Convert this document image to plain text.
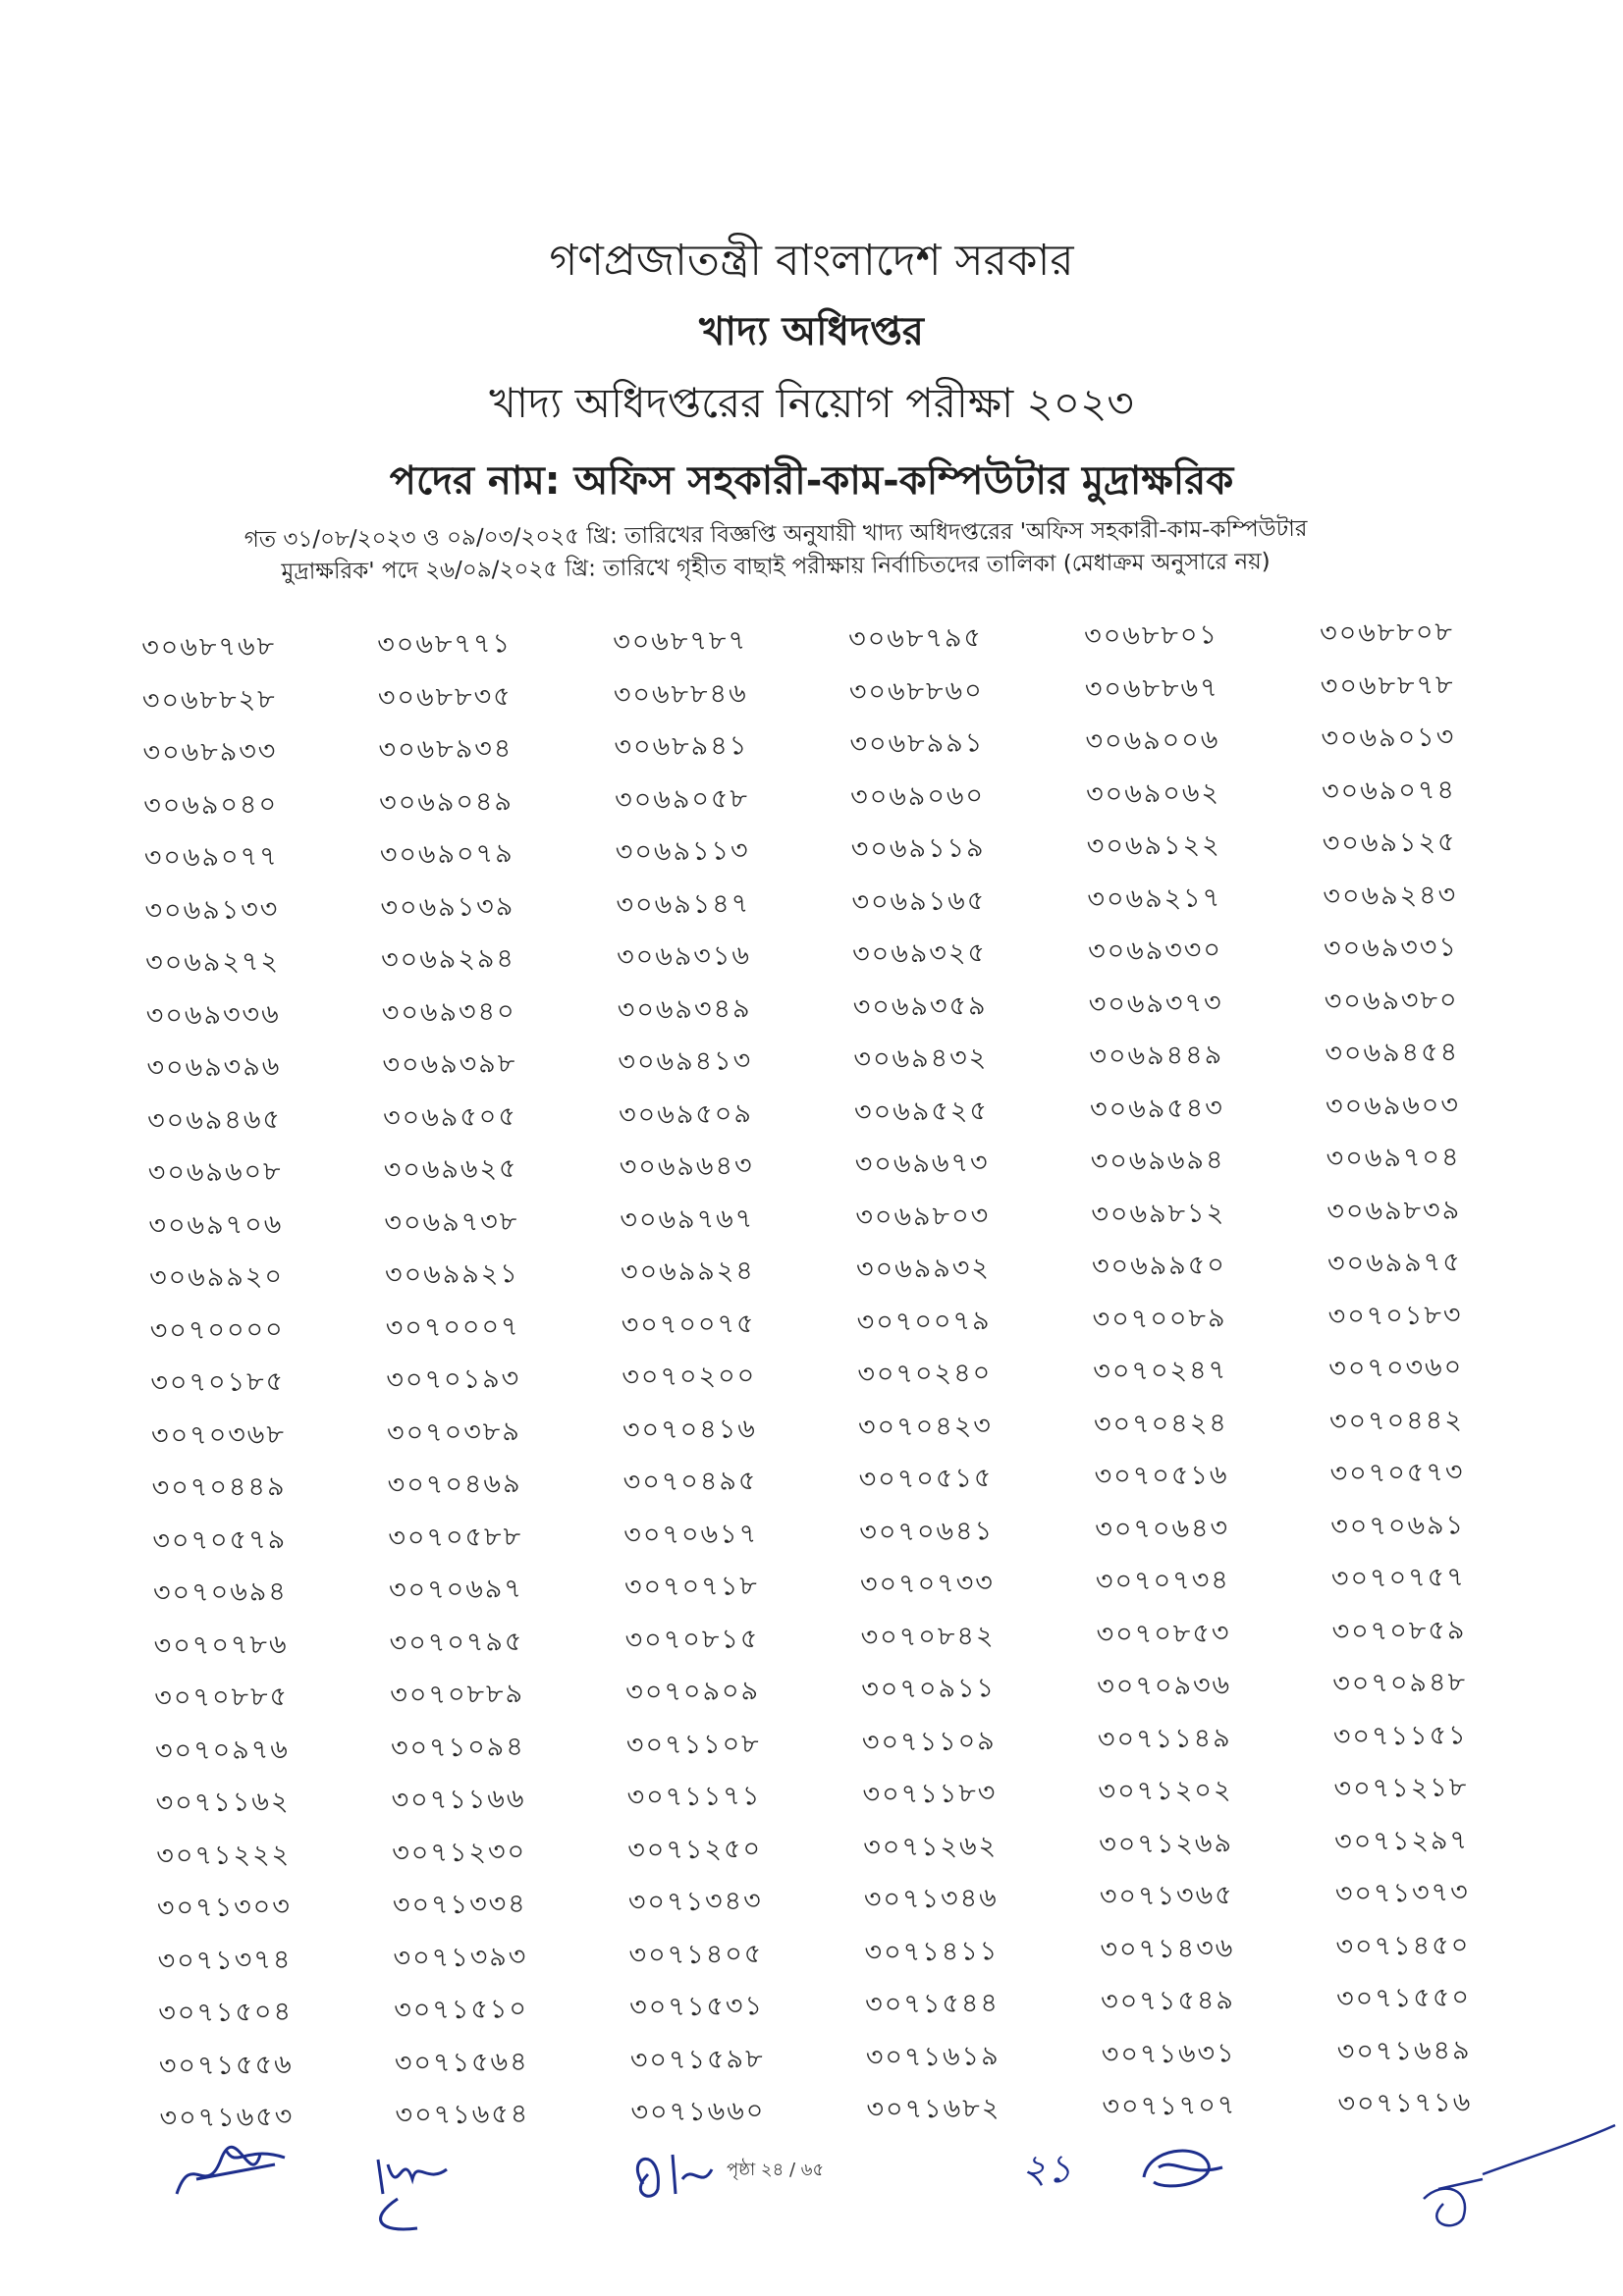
গণপ্রজাতন্ত্রী বাংলাদেশ সরকার
খাদ্য অধিদপ্তর
খাদ্য অধিদপ্তরের নিয়োগ পরীক্ষা ২০২৩
পদের নাম: অফিস সহকারী-কাম-কম্পিউটার মুদ্রাক্ষরিক
গত ৩১/০৮/২০২৩ ও ০৯/০৩/২০২৫ খ্রি: তারিখের বিজ্ঞপ্তি অনুযায়ী খাদ্য অধিদপ্তরের 'অফিস সহকারী-কাম-কম্পিউটার
মুদ্রাক্ষরিক' পদে ২৬/০৯/২০২৫ খ্রি: তারিখে গৃহীত বাছাই পরীক্ষায় নির্বাচিতদের তালিকা (মেধাক্রম অনুসারে নয়)
৩০৬৮৭৬৮	৩০৬৮৭৭১	৩০৬৮৭৮৭	৩০৬৮৭৯৫	৩০৬৮৮০১	৩০৬৮৮০৮
৩০৬৮৮২৮	৩০৬৮৮৩৫	৩০৬৮৮৪৬	৩০৬৮৮৬০	৩০৬৮৮৬৭	৩০৬৮৮৭৮
৩০৬৮৯৩৩	৩০৬৮৯৩৪	৩০৬৮৯৪১	৩০৬৮৯৯১	৩০৬৯০০৬	৩০৬৯০১৩
৩০৬৯০৪০	৩০৬৯০৪৯	৩০৬৯০৫৮	৩০৬৯০৬০	৩০৬৯০৬২	৩০৬৯০৭৪
৩০৬৯০৭৭	৩০৬৯০৭৯	৩০৬৯১১৩	৩০৬৯১১৯	৩০৬৯১২২	৩০৬৯১২৫
৩০৬৯১৩৩	৩০৬৯১৩৯	৩০৬৯১৪৭	৩০৬৯১৬৫	৩০৬৯২১৭	৩০৬৯২৪৩
৩০৬৯২৭২	৩০৬৯২৯৪	৩০৬৯৩১৬	৩০৬৯৩২৫	৩০৬৯৩৩০	৩০৬৯৩৩১
৩০৬৯৩৩৬	৩০৬৯৩৪০	৩০৬৯৩৪৯	৩০৬৯৩৫৯	৩০৬৯৩৭৩	৩০৬৯৩৮০
৩০৬৯৩৯৬	৩০৬৯৩৯৮	৩০৬৯৪১৩	৩০৬৯৪৩২	৩০৬৯৪৪৯	৩০৬৯৪৫৪
৩০৬৯৪৬৫	৩০৬৯৫০৫	৩০৬৯৫০৯	৩০৬৯৫২৫	৩০৬৯৫৪৩	৩০৬৯৬০৩
৩০৬৯৬০৮	৩০৬৯৬২৫	৩০৬৯৬৪৩	৩০৬৯৬৭৩	৩০৬৯৬৯৪	৩০৬৯৭০৪
৩০৬৯৭০৬	৩০৬৯৭৩৮	৩০৬৯৭৬৭	৩০৬৯৮০৩	৩০৬৯৮১২	৩০৬৯৮৩৯
৩০৬৯৯২০	৩০৬৯৯২১	৩০৬৯৯২৪	৩০৬৯৯৩২	৩০৬৯৯৫০	৩০৬৯৯৭৫
৩০৭০০০০	৩০৭০০০৭	৩০৭০০৭৫	৩০৭০০৭৯	৩০৭০০৮৯	৩০৭০১৮৩
৩০৭০১৮৫	৩০৭০১৯৩	৩০৭০২০০	৩০৭০২৪০	৩০৭০২৪৭	৩০৭০৩৬০
৩০৭০৩৬৮	৩০৭০৩৮৯	৩০৭০৪১৬	৩০৭০৪২৩	৩০৭০৪২৪	৩০৭০৪৪২
৩০৭০৪৪৯	৩০৭০৪৬৯	৩০৭০৪৯৫	৩০৭০৫১৫	৩০৭০৫১৬	৩০৭০৫৭৩
৩০৭০৫৭৯	৩০৭০৫৮৮	৩০৭০৬১৭	৩০৭০৬৪১	৩০৭০৬৪৩	৩০৭০৬৯১
৩০৭০৬৯৪	৩০৭০৬৯৭	৩০৭০৭১৮	৩০৭০৭৩৩	৩০৭০৭৩৪	৩০৭০৭৫৭
৩০৭০৭৮৬	৩০৭০৭৯৫	৩০৭০৮১৫	৩০৭০৮৪২	৩০৭০৮৫৩	৩০৭০৮৫৯
৩০৭০৮৮৫	৩০৭০৮৮৯	৩০৭০৯০৯	৩০৭০৯১১	৩০৭০৯৩৬	৩০৭০৯৪৮
৩০৭০৯৭৬	৩০৭১০৯৪	৩০৭১১০৮	৩০৭১১০৯	৩০৭১১৪৯	৩০৭১১৫১
৩০৭১১৬২	৩০৭১১৬৬	৩০৭১১৭১	৩০৭১১৮৩	৩০৭১২০২	৩০৭১২১৮
৩০৭১২২২	৩০৭১২৩০	৩০৭১২৫০	৩০৭১২৬২	৩০৭১২৬৯	৩০৭১২৯৭
৩০৭১৩০৩	৩০৭১৩৩৪	৩০৭১৩৪৩	৩০৭১৩৪৬	৩০৭১৩৬৫	৩০৭১৩৭৩
৩০৭১৩৭৪	৩০৭১৩৯৩	৩০৭১৪০৫	৩০৭১৪১১	৩০৭১৪৩৬	৩০৭১৪৫০
৩০৭১৫০৪	৩০৭১৫১০	৩০৭১৫৩১	৩০৭১৫৪৪	৩০৭১৫৪৯	৩০৭১৫৫০
৩০৭১৫৫৬	৩০৭১৫৬৪	৩০৭১৫৯৮	৩০৭১৬১৯	৩০৭১৬৩১	৩০৭১৬৪৯
৩০৭১৬৫৩	৩০৭১৬৫৪	৩০৭১৬৬০	৩০৭১৬৮২	৩০৭১৭০৭	৩০৭১৭১৬
পৃষ্ঠা ২৪ / ৬৫	২১
